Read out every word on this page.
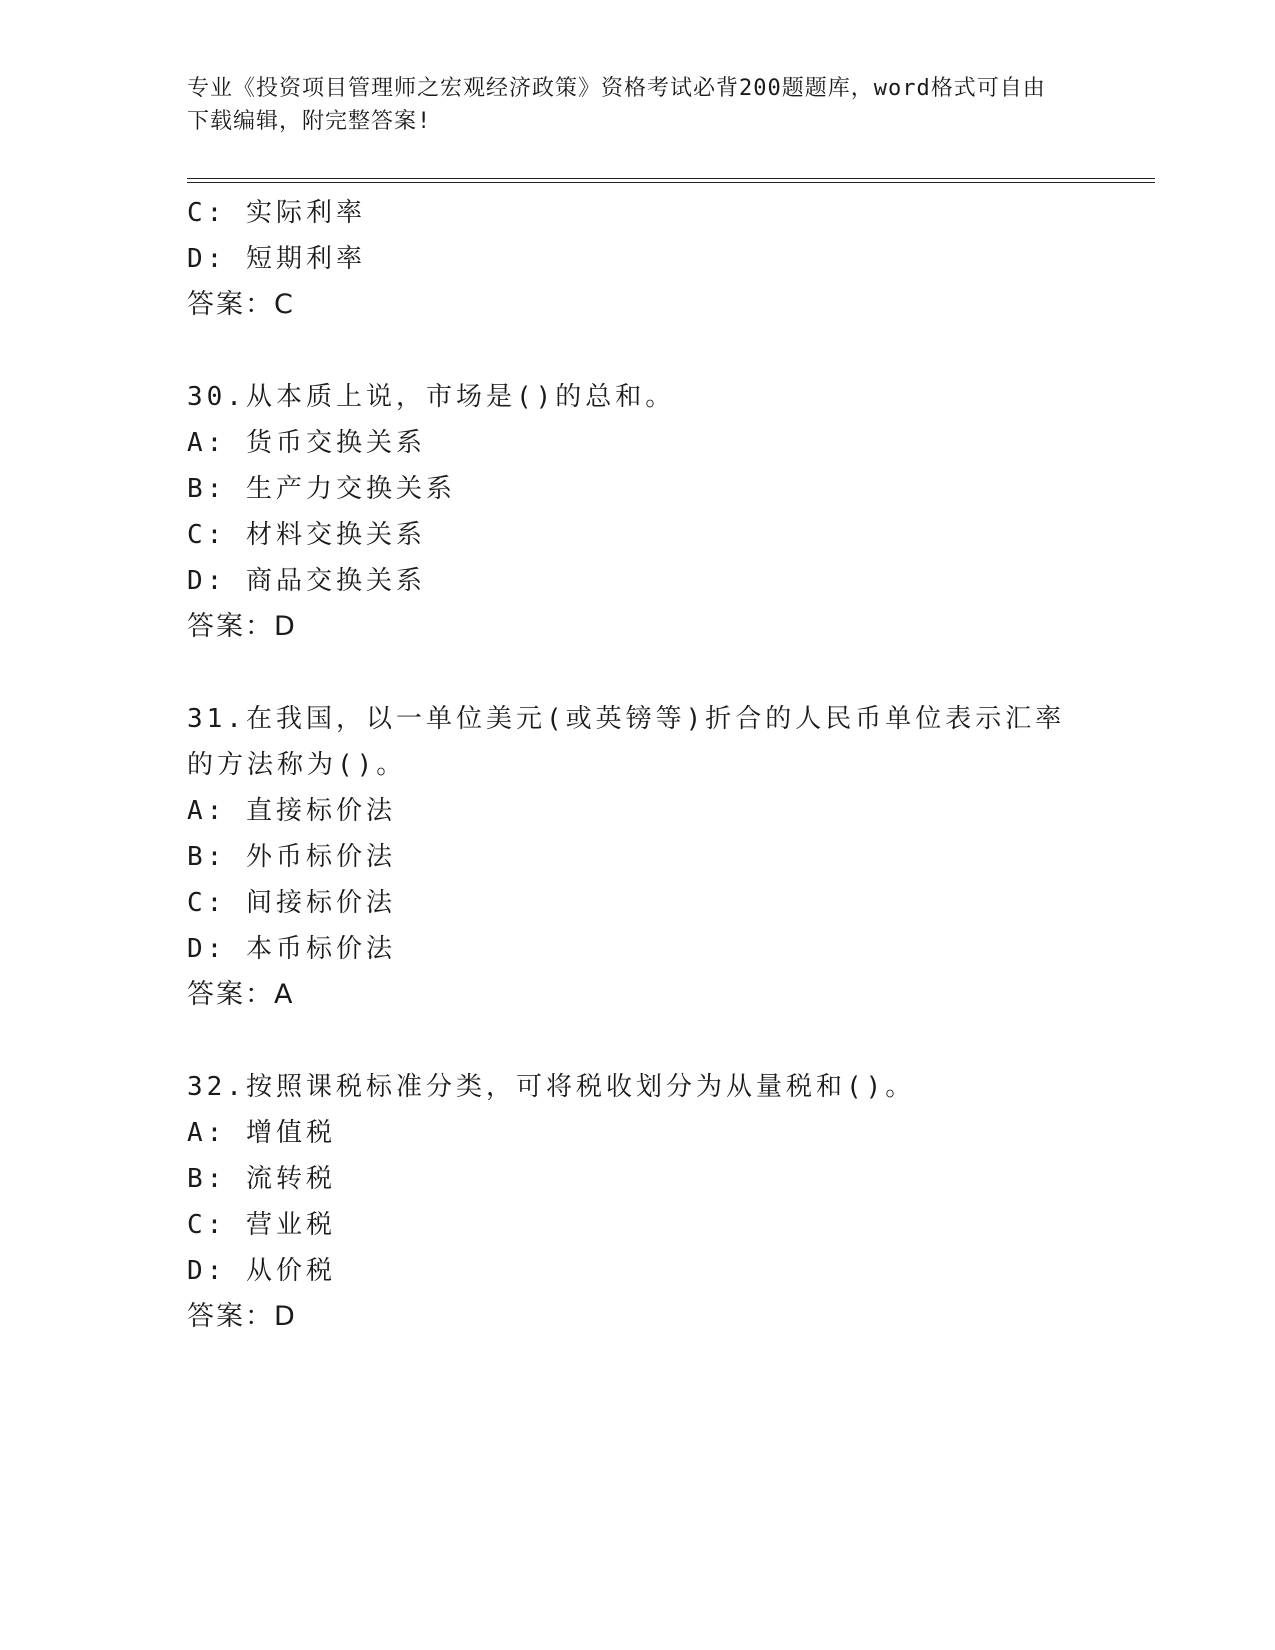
专业《投资项目管理师之宏观经济政策》资格考试必背200题题库，word格式可自由下载编辑，附完整答案!
C: 实际利率
D: 短期利率
答案：C
30.从本质上说，市场是()的总和。
A: 货币交换关系
B: 生产力交换关系
C: 材料交换关系
D: 商品交换关系
答案：D
31.在我国，以一单位美元(或英镑等)折合的人民币单位表示汇率的方法称为()。
A: 直接标价法
B: 外币标价法
C: 间接标价法
D: 本币标价法
答案：A
32.按照课税标准分类，可将税收划分为从量税和()。
A: 增值税
B: 流转税
C: 营业税
D: 从价税
答案：D
